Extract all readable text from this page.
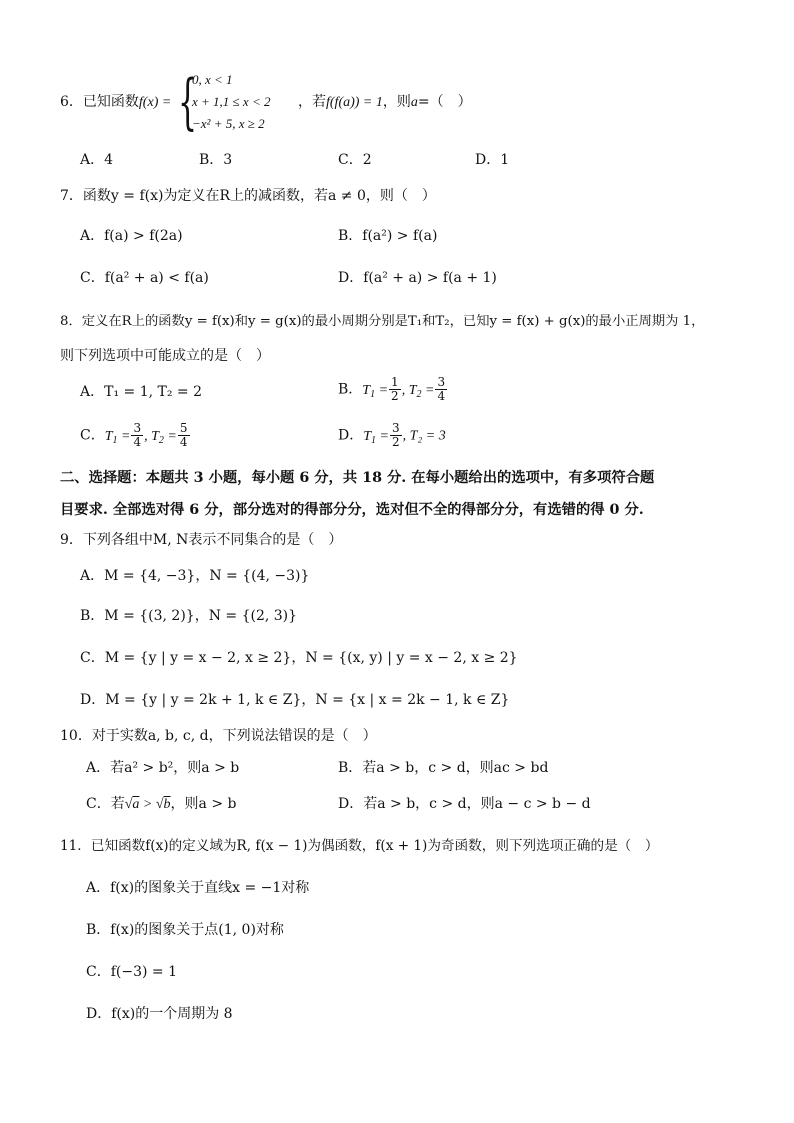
6．已知函数f(x) = {
0, x < 1
x + 1,1 ≤ x < 2
−x² + 5, x ≥ 2
，若f(f(a)) = 1，则a=（　）
A．4	B．3	C．2	D．1
7．函数y = f(x)为定义在R上的减函数，若a ≠ 0，则（　）
A．f(a) > f(2a)	B．f(a²) > f(a)
C．f(a² + a) < f(a)	D．f(a² + a) > f(a + 1)
8．定义在R上的函数y = f(x)和y = g(x)的最小周期分别是T₁和T₂，已知y = f(x) + g(x)的最小正周期为 1，
则下列选项中可能成立的是（　）
A．T₁ = 1, T₂ = 2	B．$T_1 = \frac{1}{2}$ , $T_2 = \frac{3}{4}$
C．$T_1 = \frac{3}{4}$ , $T_2 = \frac{5}{4}$	D．$T_1 = \frac{3}{2}$ , T₂ = 3
二、选择题：本题共 3 小题，每小题 6 分，共 18 分. 在每小题给出的选项中，有多项符合题
目要求. 全部选对得 6 分，部分选对的得部分分，选对但不全的得部分分，有选错的得 0 分.
9．下列各组中M, N表示不同集合的是（　）
A．M = {4, −3}，N = {(4, −3)}
B．M = {(3, 2)}，N = {(2, 3)}
C．M = {y | y = x − 2, x ≥ 2}，N = {(x, y) | y = x − 2, x ≥ 2}
D．M = {y | y = 2k + 1, k ∈ Z}，N = {x | x = 2k − 1, k ∈ Z}
10．对于实数a, b, c, d，下列说法错误的是（　）
A．若a² > b²，则a > b	B．若a > b，c > d，则ac > bd
C．若√a > √b，则a > b	D．若a > b，c > d，则a − c > b − d
11．已知函数f(x)的定义域为R, f(x − 1)为偶函数，f(x + 1)为奇函数，则下列选项正确的是（　）
A．f(x)的图象关于直线x = −1对称
B．f(x)的图象关于点(1, 0)对称
C．f(−3) = 1
D．f(x)的一个周期为 8
